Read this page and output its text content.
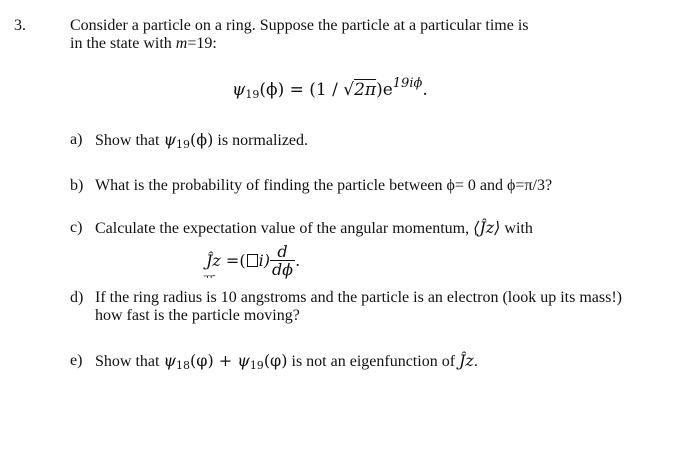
3.	Consider a particle on a ring. Suppose the particle at a particular time is
in the state with m=19:
$\psi_{19}(\phi) = (1 / √2\pi)e^{19i\phi}$.
a) Show that $\psi_{19}(\phi)$ is normalized.
b) What is the probability of finding the particle between ϕ= 0 and ϕ=π/3?
c) Calculate the expectation value of the angular momentum, ⟨Ĵz⟩ with
Ĵz =( $i) \frac{d}{d\phi}$ .
ᅲ
d) If the ring radius is 10 angstroms and the particle is an electron (look up its mass!)
how fast is the particle moving?
e) Show that $\psi_{18}(\varphi) + \psi_{19}(\varphi)$ is not an eigenfunction of Ĵz.
